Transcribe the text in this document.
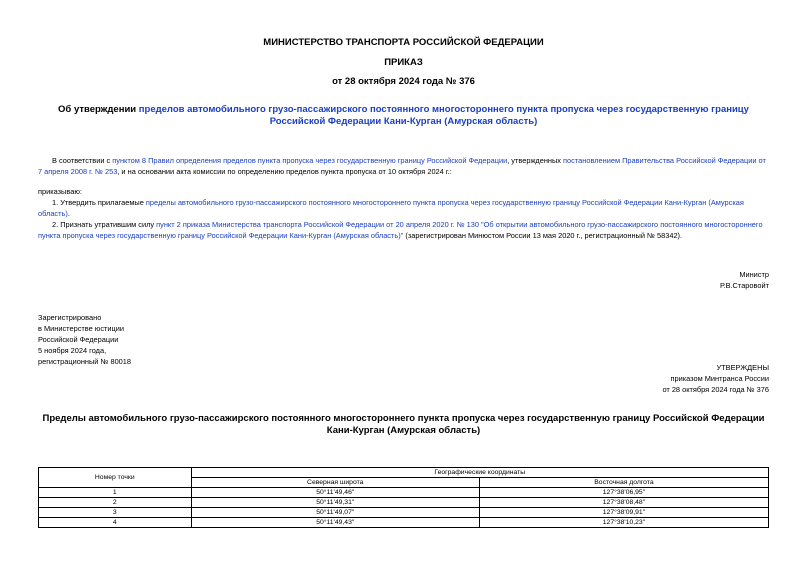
МИНИСТЕРСТВО ТРАНСПОРТА РОССИЙСКОЙ ФЕДЕРАЦИИ
ПРИКАЗ
от 28 октября 2024 года № 376
Об утверждении пределов автомобильного грузо-пассажирского постоянного многостороннего пункта пропуска через государственную границу Российской Федерации Кани-Курган (Амурская область)
В соответствии с пунктом 8 Правил определения пределов пункта пропуска через государственную границу Российской Федерации, утвержденных постановлением Правительства Российской Федерации от 7 апреля 2008 г. № 253, и на основании акта комиссии по определению пределов пункта пропуска от 10 октября 2024 г.:
приказываю:
1. Утвердить прилагаемые пределы автомобильного грузо-пассажирского постоянного многостороннего пункта пропуска через государственную границу Российской Федерации Кани-Курган (Амурская область).
2. Признать утратившим силу пункт 2 приказа Министерства транспорта Российской Федерации от 20 апреля 2020 г. № 130 "Об открытии автомобильного грузо-пассажирского постоянного многостороннего пункта пропуска через государственную границу Российской Федерации Кани-Курган (Амурская область)" (зарегистрирован Минюстом России 13 мая 2020 г., регистрационный № 58342).
Министр
Р.В.Старовойт
Зарегистрировано
в Министерстве юстиции
Российской Федерации
5 ноября 2024 года,
регистрационный № 80018
УТВЕРЖДЕНЫ
приказом Минтранса России
от 28 октября 2024 года № 376
Пределы автомобильного грузо-пассажирского постоянного многостороннего пункта пропуска через государственную границу Российской Федерации Кани-Курган (Амурская область)
Номер точки	Географические координаты	
	Северная широта	Восточная долгота
1	50°11'49,46"	127°38'06,95"
2	50°11'49,31"	127°38'08,48"
3	50°11'49,07"	127°38'09,91"
4	50°11'49,43"	127°38'10,23"
